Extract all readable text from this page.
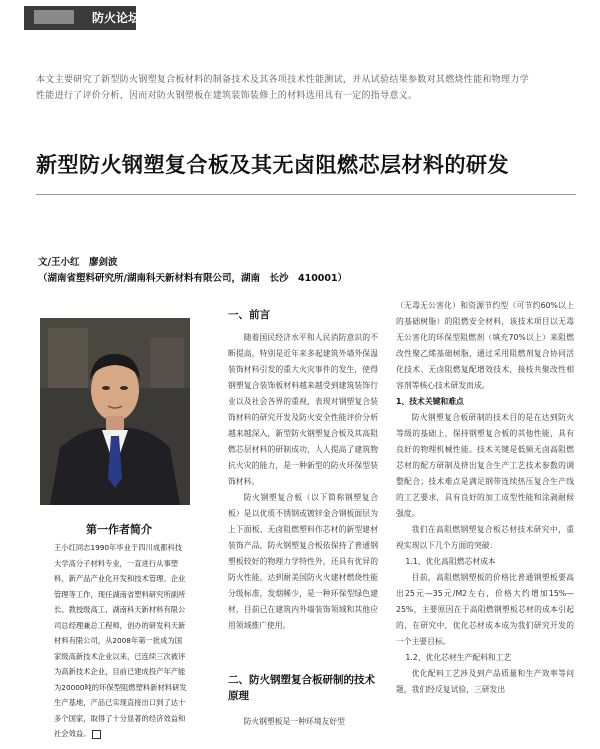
防火论坛
本文主要研究了新型防火钢塑复合板材料的制备技术及其各项技术性能测试，并从试验结果参数对其燃烧性能和物理力学性能进行了评价分析，因而对防火钢塑板在建筑装饰装修上的材料选用具有一定的指导意义。
新型防火钢塑复合板及其无卤阻燃芯层材料的研发
文/王小红　廖剑波
（湖南省塑料研究所/湖南科天新材料有限公司，湖南　长沙　410001）
第一作者简介
王小红同志1990年毕业于四川成都科技大学高分子材料专业，一直进行从事塑料、新产品产业化开发和技术管理、企业管理等工作，现任湖南省塑料研究所副所长、教授级高工，湖南科天新材料有限公司总经理兼总工程师，创办的研发科天新材料有限公司，从2008年第一批成为国家级高新技术企业以来，已连续三次被评为高新技术企业，目前已建成投产年产能为20000吨的环保型阻燃塑料新材料研发生产基地，产品已实现直接出口到了达十多个国家，取得了十分显著的经济效益和社会效益。
一、前言

随着国民经济水平和人民消防意识的不断提高，特别是近年来多起建筑外墙外保温装饰材料引发的重大火灾事件的发生，使得钢塑复合装饰板材料越来越受到建筑装饰行业以及社会各界的重视，表现对钢塑复合装饰材料的研究开发及防火安全性能评价分析越来越深入，新型防火钢塑复合板及其高阻燃芯层材料的研制成功，人人提高了建筑物抗火灾的能力，是一种新型的防火环保型装饰材料。

防火钢塑复合板（以下简称钢塑复合板）是以优质不锈钢或镀锌金合钢板面层为上下面板、无卤阻燃塑料作芯材的新型建材装饰产品，防火钢塑复合板依保持了普通钢塑板较好的物理力学特性外，还具有优异的防火性能，达到耐美国防火火建材燃烧性能分级标准，发烟稀少，是一种环保型绿色建材，目前已在建筑内外墙装饰领域和其他应用领域推广使用。

二、防火钢塑复合板研制的技术原理

防火钢塑板是一种环境友好型

（无毒无公害化）和资源节约型（可节约60%以上的基础树脂）的阻燃安全材料，该技术项目以无毒无公害化的环保型阻燃剂（填充70%以上）来阻燃改性聚乙烯基础树脂，通过采用阻燃剂复合协同活化技术、无卤阻燃复配增效技术，接枝共聚改性相容剂等核心技术研发而成。

1、技术关键和难点

防火钢塑复合板研制的技术目的是在达到防火等级的基础上，保持钢塑复合板的其他性能，具有良好的物理机械性能。技术关键是低频无卤高阻燃芯材的配方研制及挤出复合生产工艺技术参数的调整配合；技术难点是满足钢带连续热压复合生产线的工艺要求，具有良好的加工成型性能和涂剥耐候强度。

我们在高阻燃钢塑复合板芯材技术研究中，重视实现以下几个方面的突破：

1.1、优化高阻燃芯材成本

目前，高阻燃钢塑板的价格比普通钢塑板要高出25元—35元/M2左右，价格大约增加15%—25%，主要原因在于高阻燃钢塑板芯材的成本引起的，在研究中，优化芯材成本成为我们研究开发的一个主要目标。

1.2、优化芯材生产配料和工艺

优化配料工艺涉及到产品质量和生产效率等问题，我们经反复试验，三研发出
